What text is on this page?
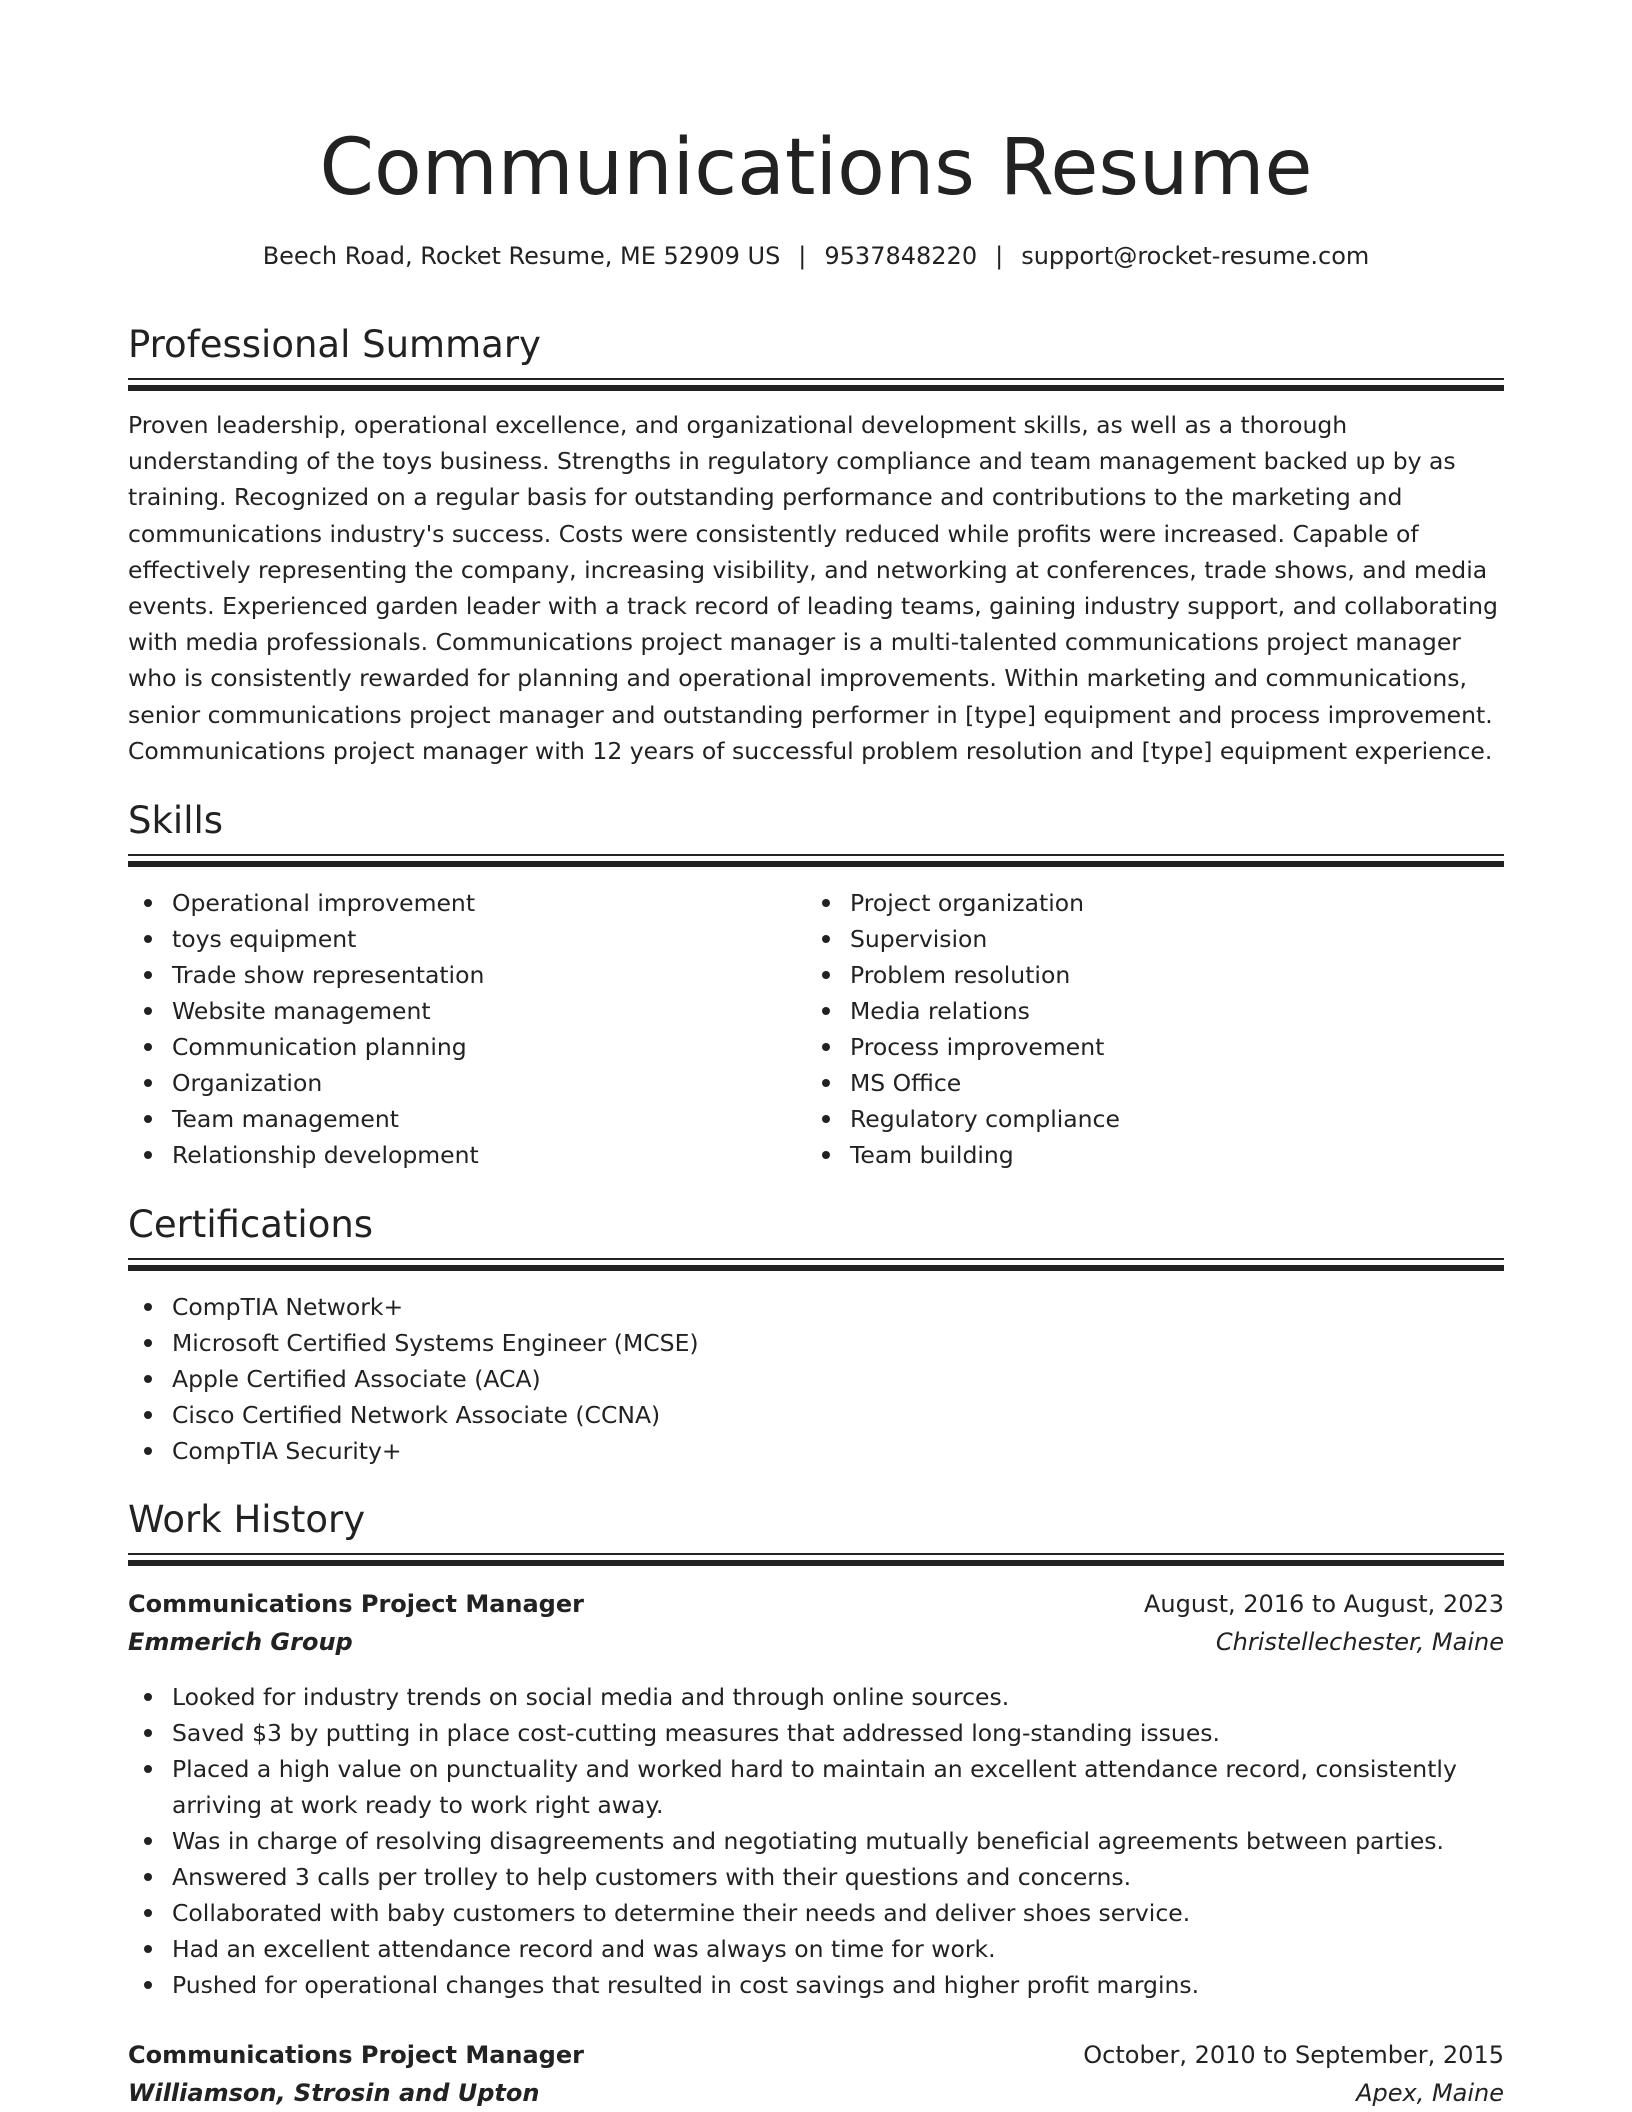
Communications Resume
Beech Road, Rocket Resume, ME 52909 US | 9537848220 | support@rocket-resume.com
Professional Summary

Proven leadership, operational excellence, and organizational development skills, as well as a thorough understanding of the toys business. Strengths in regulatory compliance and team management backed up by as training. Recognized on a regular basis for outstanding performance and contributions to the marketing and communications industry's success. Costs were consistently reduced while profits were increased. Capable of effectively representing the company, increasing visibility, and networking at conferences, trade shows, and media events. Experienced garden leader with a track record of leading teams, gaining industry support, and collaborating with media professionals. Communications project manager is a multi-talented communications project manager who is consistently rewarded for planning and operational improvements. Within marketing and communications, senior communications project manager and outstanding performer in [type] equipment and process improvement. Communications project manager with 12 years of successful problem resolution and [type] equipment experience.

Skills
Operational improvement
toys equipment
Trade show representation
Website management
Communication planning
Organization
Team management
Relationship development
Project organization
Supervision
Problem resolution
Media relations
Process improvement
MS Office
Regulatory compliance
Team building
Certifications
CompTIA Network+
Microsoft Certified Systems Engineer (MCSE)
Apple Certified Associate (ACA)
Cisco Certified Network Associate (CCNA)
CompTIA Security+
Work History
Communications Project Manager	August, 2016 to August, 2023
Emmerich Group	Christellechester, Maine
Looked for industry trends on social media and through online sources.
Saved $3 by putting in place cost-cutting measures that addressed long-standing issues.
Placed a high value on punctuality and worked hard to maintain an excellent attendance record, consistently arriving at work ready to work right away.
Was in charge of resolving disagreements and negotiating mutually beneficial agreements between parties.
Answered 3 calls per trolley to help customers with their questions and concerns.
Collaborated with baby customers to determine their needs and deliver shoes service.
Had an excellent attendance record and was always on time for work.
Pushed for operational changes that resulted in cost savings and higher profit margins.
Communications Project Manager	October, 2010 to September, 2015
Williamson, Strosin and Upton	Apex, Maine
